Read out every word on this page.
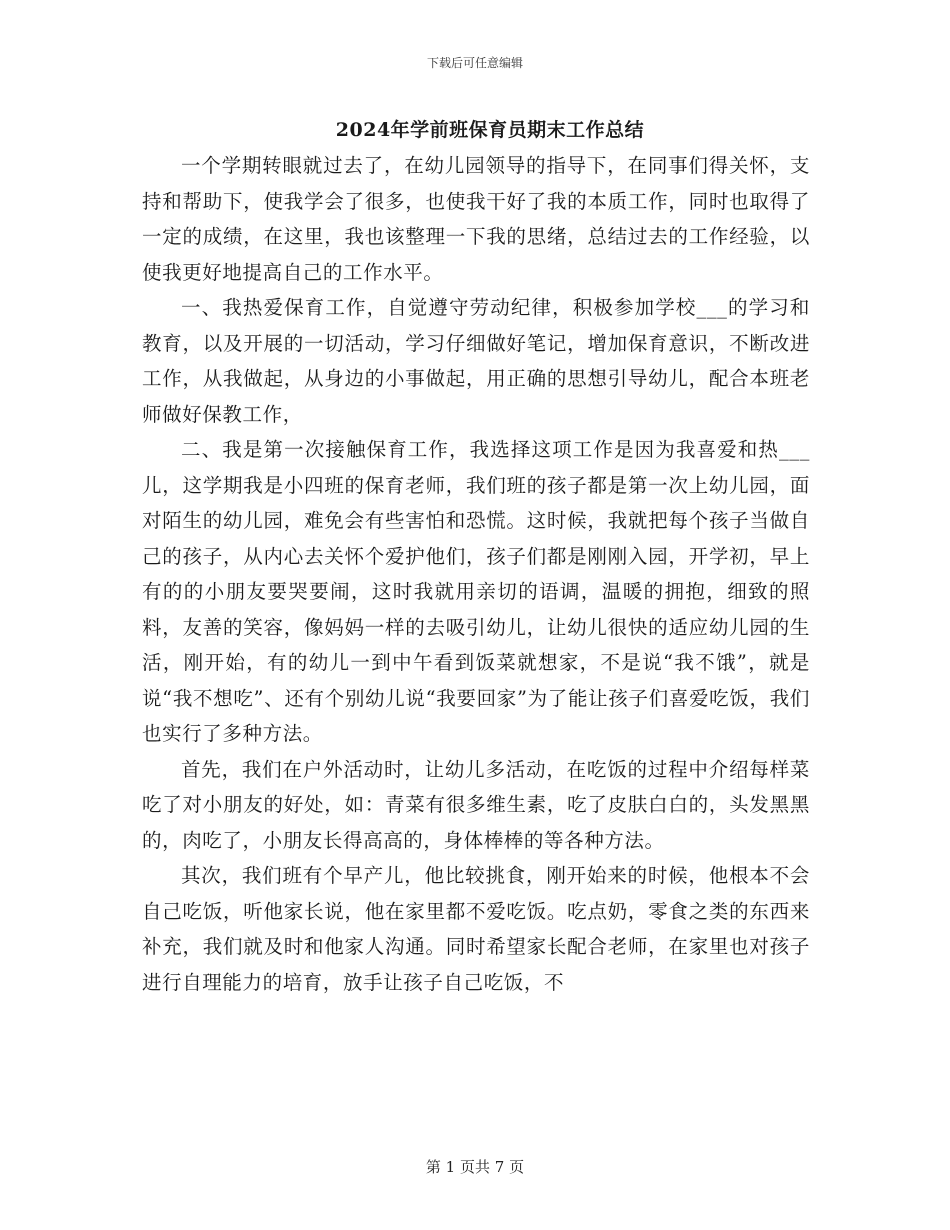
下载后可任意编辑
2024年学前班保育员期末工作总结

一个学期转眼就过去了，在幼儿园领导的指导下，在同事们得关怀，支持和帮助下，使我学会了很多，也使我干好了我的本质工作，同时也取得了一定的成绩，在这里，我也该整理一下我的思绪，总结过去的工作经验，以使我更好地提高自己的工作水平。

一、我热爱保育工作，自觉遵守劳动纪律，积极参加学校___的学习和教育，以及开展的一切活动，学习仔细做好笔记，增加保育意识，不断改进工作，从我做起，从身边的小事做起，用正确的思想引导幼儿，配合本班老师做好保教工作，

二、我是第一次接触保育工作，我选择这项工作是因为我喜爱和热___儿，这学期我是小四班的保育老师，我们班的孩子都是第一次上幼儿园，面对陌生的幼儿园，难免会有些害怕和恐慌。这时候，我就把每个孩子当做自己的孩子，从内心去关怀个爱护他们，孩子们都是刚刚入园，开学初，早上有的的小朋友要哭要闹，这时我就用亲切的语调，温暖的拥抱，细致的照料，友善的笑容，像妈妈一样的去吸引幼儿，让幼儿很快的适应幼儿园的生活，刚开始，有的幼儿一到中午看到饭菜就想家，不是说“我不饿”，就是说“我不想吃”、还有个别幼儿说“我要回家”为了能让孩子们喜爱吃饭，我们也实行了多种方法。

首先，我们在户外活动时，让幼儿多活动，在吃饭的过程中介绍每样菜吃了对小朋友的好处，如：青菜有很多维生素，吃了皮肤白白的，头发黑黑的，肉吃了，小朋友长得高高的，身体棒棒的等各种方法。

其次，我们班有个早产儿，他比较挑食，刚开始来的时候，他根本不会自己吃饭，听他家长说，他在家里都不爱吃饭。吃点奶，零食之类的东西来补充，我们就及时和他家人沟通。同时希望家长配合老师，在家里也对孩子进行自理能力的培育，放手让孩子自己吃饭，不

第 1 页共 7 页
